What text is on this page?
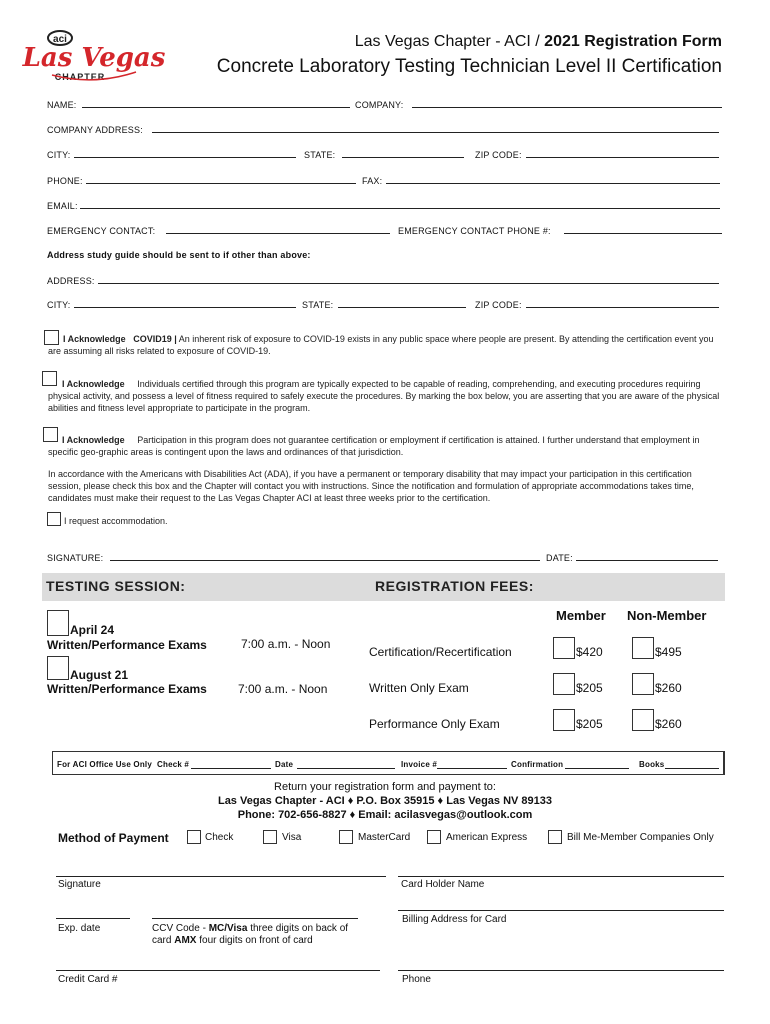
aci
Las Vegas
CHAPTER
Las Vegas Chapter - ACI / 2021 Registration Form
Concrete Laboratory Testing Technician Level II Certification
NAME:	COMPANY:
COMPANY ADDRESS:
CITY:	STATE:	ZIP CODE:
PHONE:	FAX:
EMAIL:
EMERGENCY CONTACT:	EMERGENCY CONTACT PHONE #:
Address study guide should be sent to if other than above:
ADDRESS:
CITY:	STATE:	ZIP CODE:
I Acknowledge COVID19 | An inherent risk of exposure to COVID-19 exists in any public space where people are present. By attending the certification event you are assuming all risks related to exposure of COVID-19.
I Acknowledge Individuals certified through this program are typically expected to be capable of reading, comprehending, and executing procedures requiring physical activity, and possess a level of fitness required to safely execute the procedures. By marking the box below, you are asserting that you are aware of the physical abilities and fitness level appropriate to participate in the program.
I Acknowledge Participation in this program does not guarantee certification or employment if certification is attained. I further understand that employment in specific geo-graphic areas is contingent upon the laws and ordinances of that jurisdiction.
In accordance with the Americans with Disabilities Act (ADA), if you have a permanent or temporary disability that may impact your participation in this certification session, please check this box and the Chapter will contact you with instructions. Since the notification and formulation of appropriate accommodations takes time, candidates must make their request to the Las Vegas Chapter ACI at least three weeks prior to the certification.
I request accommodation.
SIGNATURE:	DATE:
TESTING SESSION:	REGISTRATION FEES:
April 24
Written/Performance Exams	7:00 a.m. - Noon
August 21
Written/Performance Exams	7:00 a.m. - Noon
Member Non-Member
Certification/Recertification	$420	$495
Written Only Exam	$205	$260
Performance Only Exam	$205	$260
For ACI Office Use Only Check #	Date	Invoice #	Confirmation	Books
Return your registration form and payment to:
Las Vegas Chapter - ACI ♦ P.O. Box 35915 ♦ Las Vegas NV 89133
Phone: 702-656-8827 ♦ Email: acilasvegas@outlook.com
Method of Payment	Check	Visa	MasterCard	American Express	Bill Me-Member Companies Only
Signature	Card Holder Name
Exp. date	CCV Code - MC/Visa three digits on back of card AMX four digits on front of card
Billing Address for Card
Credit Card #	Phone
